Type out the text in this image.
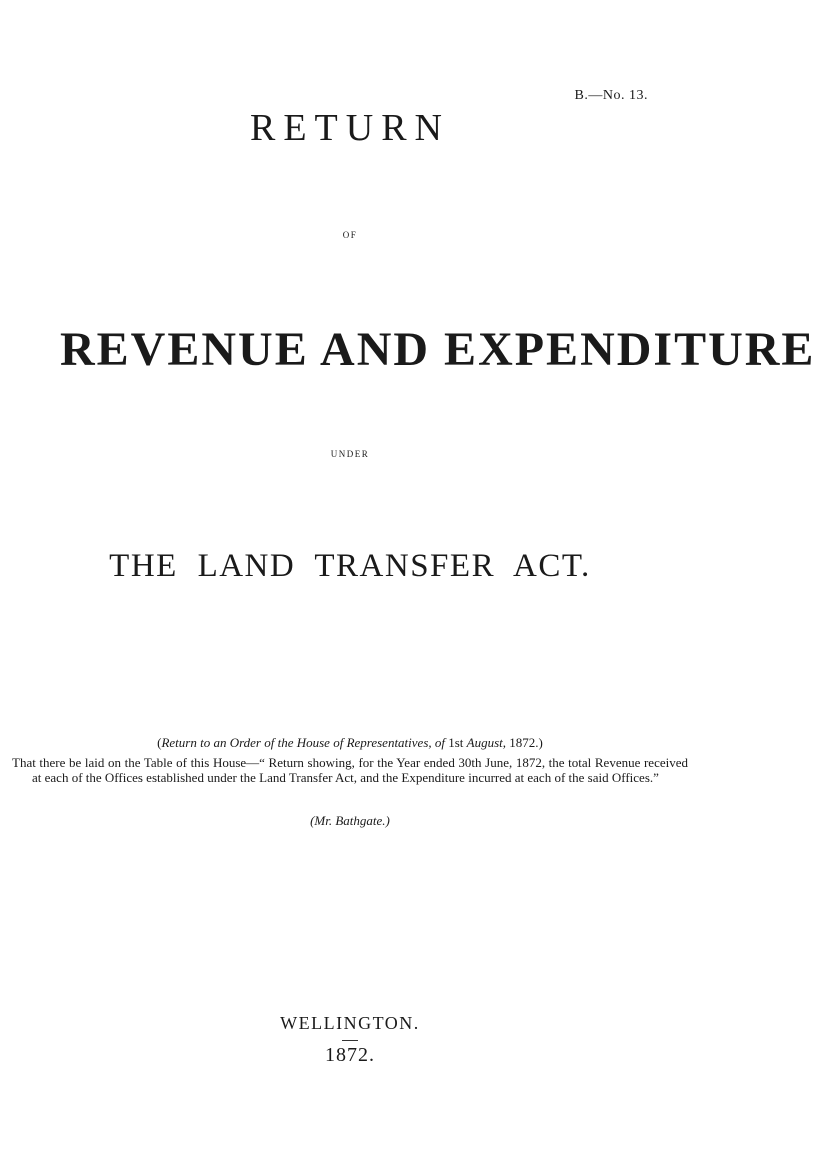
B.—No. 13.
RETURN
OF
REVENUE AND EXPENDITURE
UNDER
THE LAND TRANSFER ACT.
(Return to an Order of the House of Representatives, of 1st August, 1872.)

That there be laid on the Table of this House—“ Return showing, for the Year ended 30th June, 1872, the total Revenue received at each of the Offices established under the Land Transfer Act, and the Expenditure incurred at each of the said Offices.”

(Mr. Bathgate.)
WELLINGTON.
1872.
